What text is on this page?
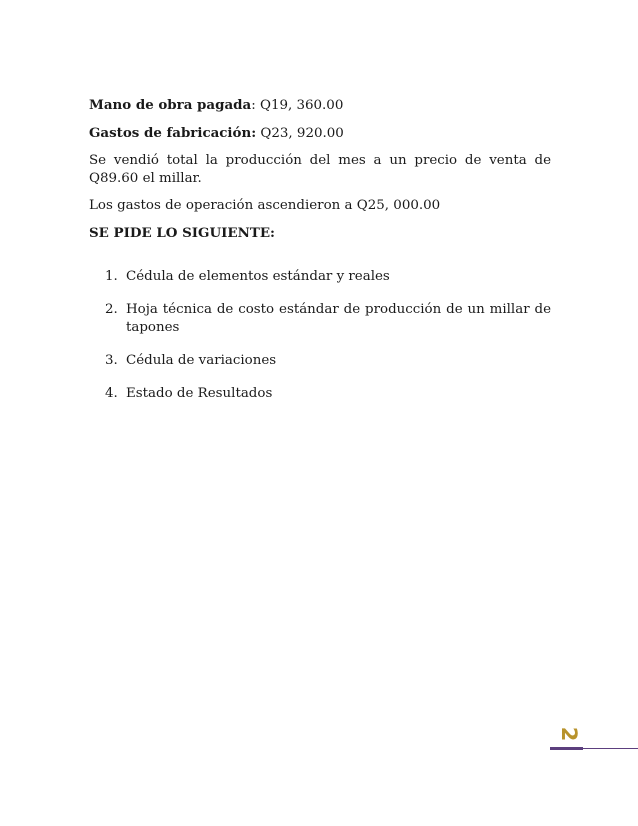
Mano de obra pagada: Q19, 360.00

Gastos de fabricación: Q23, 920.00

Se vendió total la producción del mes a un precio de venta de Q89.60 el millar.

Los gastos de operación ascendieron a Q25, 000.00

SE PIDE LO SIGUIENTE:

1. Cédula de elementos estándar y reales
2. Hoja técnica de costo estándar de producción de un millar de tapones
3. Cédula de variaciones
4. Estado de Resultados
2
